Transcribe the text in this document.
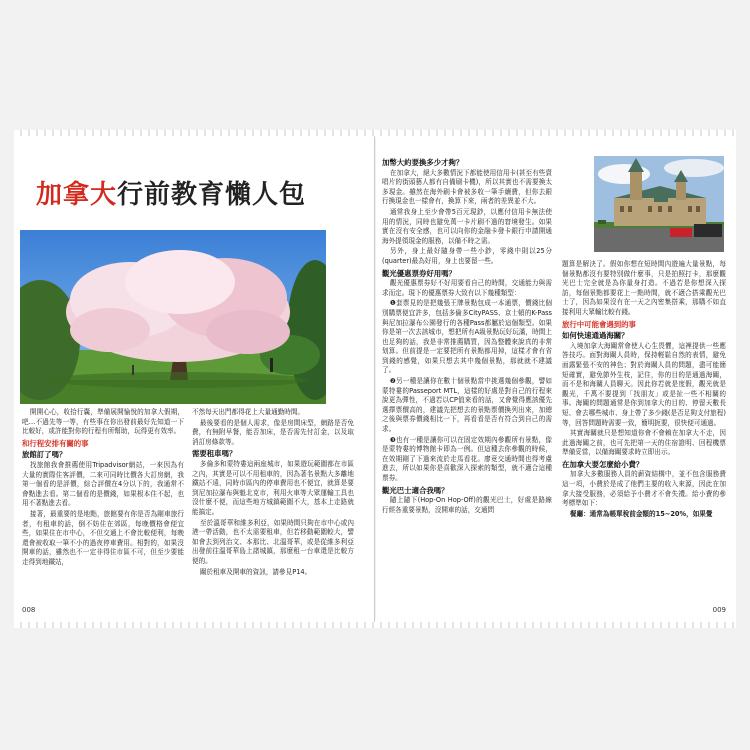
加拿大行前教育懶人包

開開心心，收拾行囊，準備展開愉悅的加拿大假期，吧…不過先等一等，有些事在你出發前最好先知道一下比較好，或許能對你的行程有所幫助，玩得更有效率。

和行程安排有關的事
旅館訂了嗎？

找旅館我會推薦使用Tripadvisor網站，一來因為有大量的實際住客評價，二來可同時比價各大訂房網，我第一個看的是評價，綜合評價在4分以下的，我通常不會點進去看。第二個看的是價錢，如果根本住不起，也用不著點進去看。

接著，最重要的是地點，旅館要有你是否為剛車旅行者，有租車的話，倒不妨住在郊區，每晚價格會便宜些，如果住在市中心，不但交通上不會比較便利，每晚還會被收取一筆不小的過夜停車費用。相對的，如果沒開車的話，雖然也不一定非得住市區不可，但至少要能走得到地鐵站，

不然每天出門都得花上大量通勤時間。

最後要看的是個人需求，像是房間床型，網路是否免費，有無附早餐，能否加床，是否需先付訂金，以及取消訂房條款等。

需要租車嗎？

多倫多和蒙特婁這兩座城市，如果遊玩範圍都在市區之內，其實是可以不用租車的，因為著名景點大多離地鐵站不遠，同時市區內的停車費用也不便宜，就算是要到尼加拉瀑布與魁北克市，利用火車等大眾運輸工具也沒什麼不便，而這些地方城鎮範圍不大，基本上走路就能搞定。

至於溫哥華和維多利亞，如果時間只夠在市中心或內港一帶活動，也不太需要租車，但若移動範圍較大，譬如會去到列治文、本那比、北溫哥華，或是從維多利亞出發前往溫哥華島上諸城鎮，那麼租一台車還是比較方便的。

關於租車及開車的資訊，請參見P14。

008
加幣大約要換多少才夠？

在加拿大，絕大多數情況下都能使用信用卡(甚至有些賣唱片的街頭藝人都有自備刷卡機)，所以其實也不需要換太多現金。雖然在海外刷卡會被多收一筆手續費，但你去銀行換現金也一樣會有，換算下來，兩者的差異並不大。

通常我身上至少會帶5百元現鈔，以應付信用卡無法使用的情況，同時也避免萬一卡片刷不過的窘境發生。如果實在沒有安全感，也可以向你的金融卡發卡銀行申請開通海外提領現金的服務，以備不時之需。

另外，身上最好隨身帶一些小鈔，零錢中則以25分(quarter)最為好用，身上也要留一些。

觀光優惠票券好用嗎？

觀光優惠票券好不好用要看自己的時間，交通能力與需求而定。現下的優惠票券大致有以下幾種類型：

❶套票見的是把幾張王牌景點包成一本通票，價錢比個別購票便宜許多，包括多倫多CityPASS、京士頓的K-Pass與尼加拉瀑布公園發行的各種Pass都屬於這個類型。如果你是第一次去該城市，想把所有A級景點玩好玩滿，時間上也足夠的話，我是非常推薦購買，因為整體來說真的非常划算。但前提是一定要把所有景點都用掉，這樣才會有省到錢的感覺，如果只想去其中幾個景點，那就就不建議了。

❷另一種是讓你在數十個景點當中挑選幾個參觀，譬如蒙特婁的Passeport MTL，這樣的好處是對自己的行程來說更為彈性，不過若以CP值來看的話，又會覺得應該優先選擇票價高的，建議先把想去的景點票價換列出來，加總之後與票券價錢相比一下，再看看是否有符合到自己的需求。

❸也有一種是讓你可以在固定效期內參觀所有景點，像是蒙特婁的博物館卡即為一例。但這種去你參觀的時候，在效期剛了下過來流於走馬看花。廖竟交通時間也得考慮進去，所以如果你是喜歡深入探索的類型，就不適合這種票券。

觀光巴士適合我嗎？

隨上隨下(Hop-On Hop-Off)的觀光巴士，好處是路線行經各重要景點，沒開車的話，交通問

題算是解決了。假如你想在短時間內遊遍大量景點，每個景點都沒有要特別做什麼事，只是拍照打卡，那麼觀光巴士完全就是為你量身打造。不過若是你想深入探訪，每個景點都要花上一點時間，就不適合搭乘觀光巴士了，因為如果沒有在一天之內密集搭乘，那購不如直接利用大眾輸比較有錢。

旅行中可能會遇到的事
如何快速通過海關？

入境加拿大海關常會使人心生畏懼，這裡提供一些應答技巧。面對海關人員時，保持輕鬆自然的表情，避免面露緊張不安的神色；對於海關人員的問題，盡可能簡短確實，避免節外生枝，記住，你的目的是通過海關，而不是和海關人員聊天。因此你若就是度假，觀光就是觀光，千萬不要提到「找朋友」或是扯一些不相關的事。海關的問題通常是你到加拿大的目的、停留天數長短、會去哪些城市、身上帶了多少錢(是否足夠支付旅程)等，回答問題時需要一致，簡明扼要，很快便可通過。

其實海關就只是想知道你會不會賴在加拿大不走，因此過海關之前，也可先把第一天的住宿證明、回程機票準備妥當，以備海關要求時立即出示。

在加拿大要怎麼給小費？

加拿大多數服務人員的薪資結構中，並不包含服務費這一項，小費於是成了他們主要的收入來源，因此在加拿大接受服務，必須給予小費才不會失禮。給小費的參考標準如下：

餐廳：通常為帳單稅前金額的15~20%，如果覺

009
